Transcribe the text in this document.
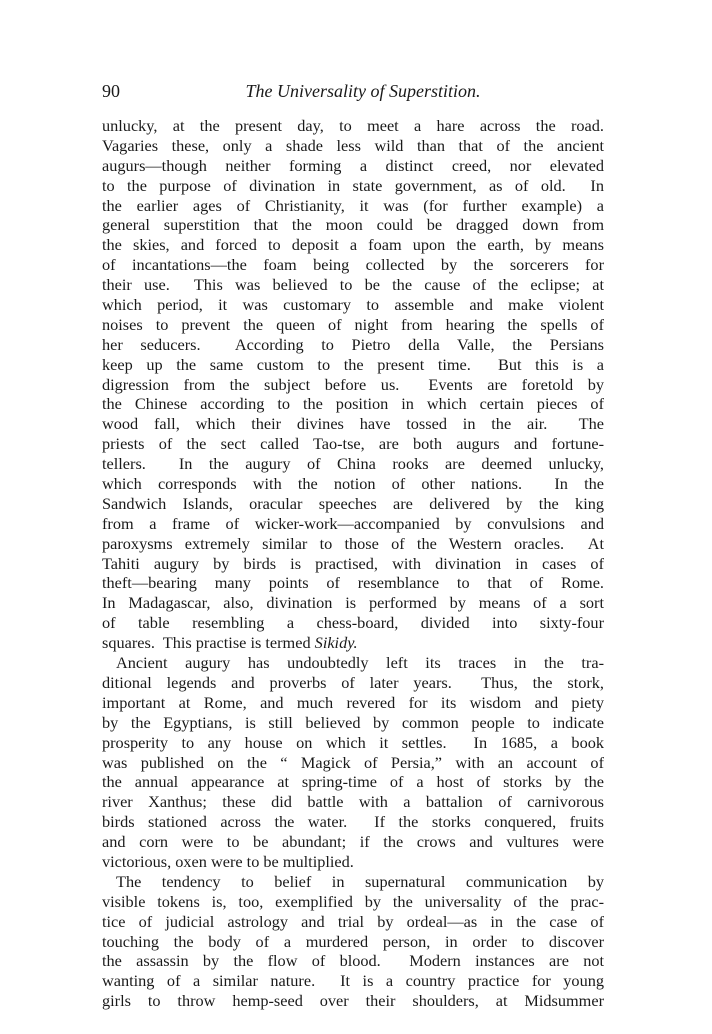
90	The Universality of Superstition.
unlucky, at the present day, to meet a hare across the road.
Vagaries these, only a shade less wild than that of the ancient
augurs—though neither forming a distinct creed, nor elevated
to the purpose of divination in state government, as of old.  In
the earlier ages of Christianity, it was (for further example) a
general superstition that the moon could be dragged down from
the skies, and forced to deposit a foam upon the earth, by means
of incantations—the foam being collected by the sorcerers for
their use.  This was believed to be the cause of the eclipse; at
which period, it was customary to assemble and make violent
noises to prevent the queen of night from hearing the spells of
her seducers.  According to Pietro della Valle, the Persians
keep up the same custom to the present time.  But this is a
digression from the subject before us.  Events are foretold by
the Chinese according to the position in which certain pieces of
wood fall, which their divines have tossed in the air.  The
priests of the sect called Tao-tse, are both augurs and fortune-
tellers.  In the augury of China rooks are deemed unlucky,
which corresponds with the notion of other nations.  In the
Sandwich Islands, oracular speeches are delivered by the king
from a frame of wicker-work—accompanied by convulsions and
paroxysms extremely similar to those of the Western oracles.  At
Tahiti augury by birds is practised, with divination in cases of
theft—bearing many points of resemblance to that of Rome.
In Madagascar, also, divination is performed by means of a sort
of table resembling a chess-board, divided into sixty-four
squares.  This practise is termed Sikidy.
Ancient augury has undoubtedly left its traces in the tra-
ditional legends and proverbs of later years.  Thus, the stork,
important at Rome, and much revered for its wisdom and piety
by the Egyptians, is still believed by common people to indicate
prosperity to any house on which it settles.  In 1685, a book
was published on the “ Magick of Persia,” with an account of
the annual appearance at spring-time of a host of storks by the
river Xanthus; these did battle with a battalion of carnivorous
birds stationed across the water.  If the storks conquered, fruits
and corn were to be abundant; if the crows and vultures were
victorious, oxen were to be multiplied.
The tendency to belief in supernatural communication by
visible tokens is, too, exemplified by the universality of the prac-
tice of judicial astrology and trial by ordeal—as in the case of
touching the body of a murdered person, in order to discover
the assassin by the flow of blood.  Modern instances are not
wanting of a similar nature.  It is a country practice for young
girls to throw hemp-seed over their shoulders, at Midsummer
